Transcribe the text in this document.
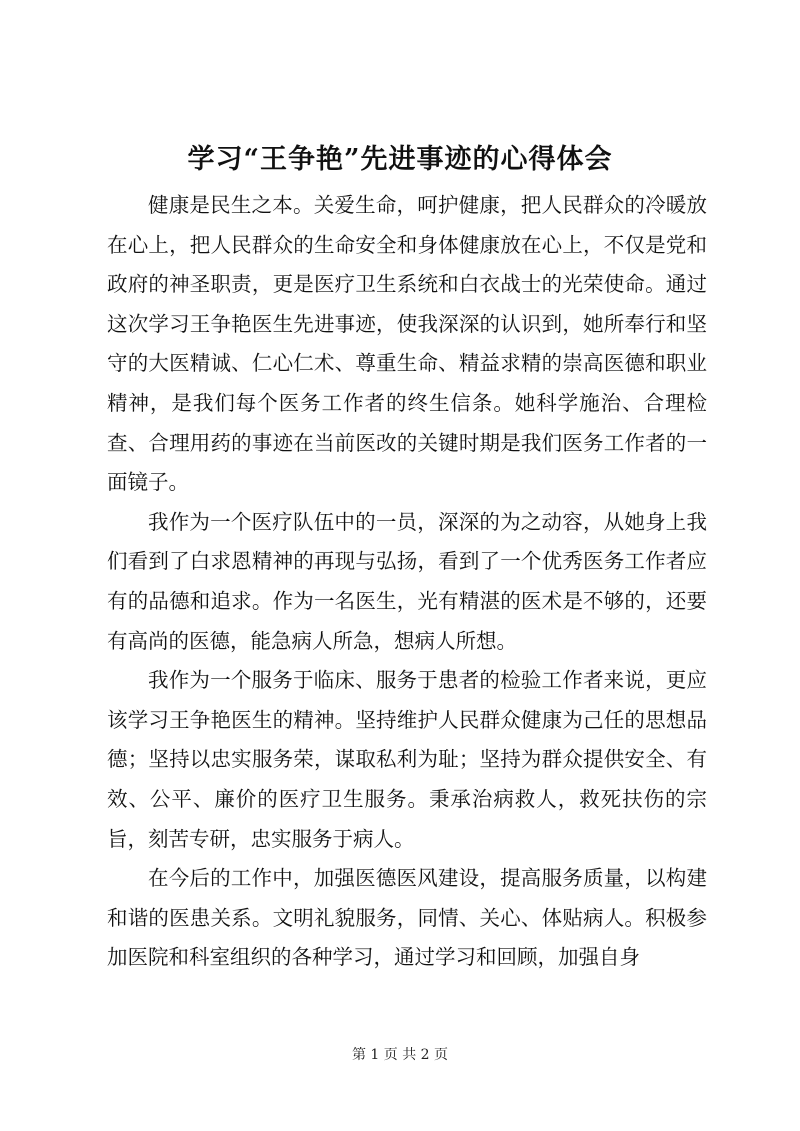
学习“王争艳”先进事迹的心得体会

健康是民生之本。关爱生命，呵护健康，把人民群众的冷暖放在心上，把人民群众的生命安全和身体健康放在心上，不仅是党和政府的神圣职责，更是医疗卫生系统和白衣战士的光荣使命。通过这次学习王争艳医生先进事迹，使我深深的认识到，她所奉行和坚守的大医精诚、仁心仁术、尊重生命、精益求精的崇高医德和职业精神，是我们每个医务工作者的终生信条。她科学施治、合理检查、合理用药的事迹在当前医改的关键时期是我们医务工作者的一面镜子。

我作为一个医疗队伍中的一员，深深的为之动容，从她身上我们看到了白求恩精神的再现与弘扬，看到了一个优秀医务工作者应有的品德和追求。作为一名医生，光有精湛的医术是不够的，还要有高尚的医德，能急病人所急，想病人所想。

我作为一个服务于临床、服务于患者的检验工作者来说，更应该学习王争艳医生的精神。坚持维护人民群众健康为己任的思想品德；坚持以忠实服务荣，谋取私利为耻；坚持为群众提供安全、有效、公平、廉价的医疗卫生服务。秉承治病救人，救死扶伤的宗旨，刻苦专研，忠实服务于病人。

在今后的工作中，加强医德医风建设，提高服务质量，以构建和谐的医患关系。文明礼貌服务，同情、关心、体贴病人。积极参加医院和科室组织的各种学习，通过学习和回顾，加强自身

第 1 页 共 2 页
